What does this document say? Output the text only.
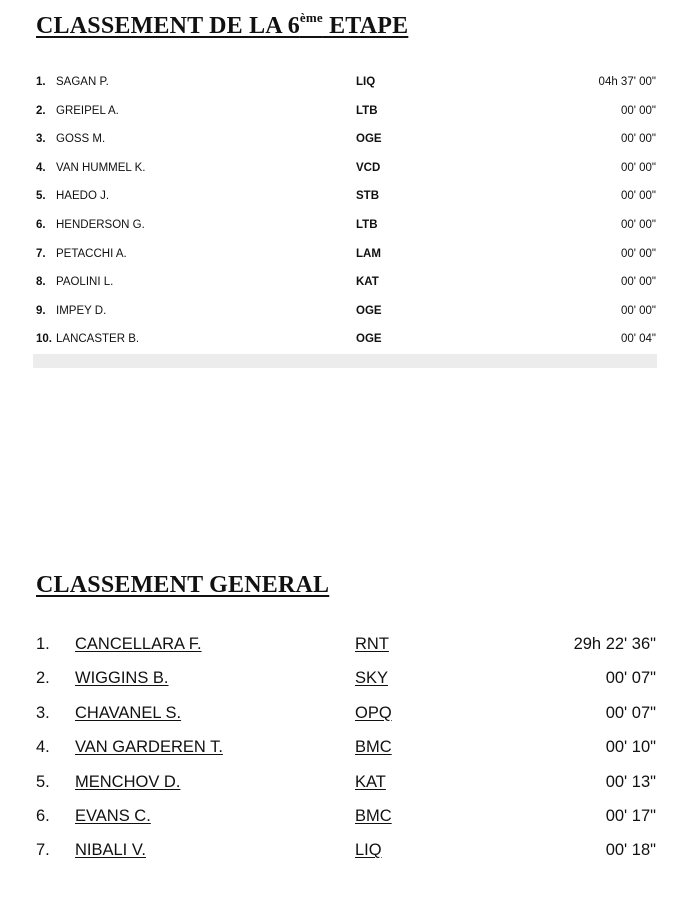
CLASSEMENT DE LA 6ème ETAPE
1. SAGAN P.	LIQ	04h 37' 00"
2. GREIPEL A.	LTB	00' 00"
3. GOSS M.	OGE	00' 00"
4. VAN HUMMEL K.	VCD	00' 00"
5. HAEDO J.	STB	00' 00"
6. HENDERSON G.	LTB	00' 00"
7. PETACCHI A.	LAM	00' 00"
8. PAOLINI L.	KAT	00' 00"
9. IMPEY D.	OGE	00' 00"
10. LANCASTER B.	OGE	00' 04"
CLASSEMENT GENERAL
1. CANCELLARA F.	RNT	29h 22' 36"
2. WIGGINS B.	SKY	00' 07"
3. CHAVANEL S.	OPQ	00' 07"
4. VAN GARDEREN T.	BMC	00' 10"
5. MENCHOV D.	KAT	00' 13"
6. EVANS C.	BMC	00' 17"
7. NIBALI V.	LIQ	00' 18"
